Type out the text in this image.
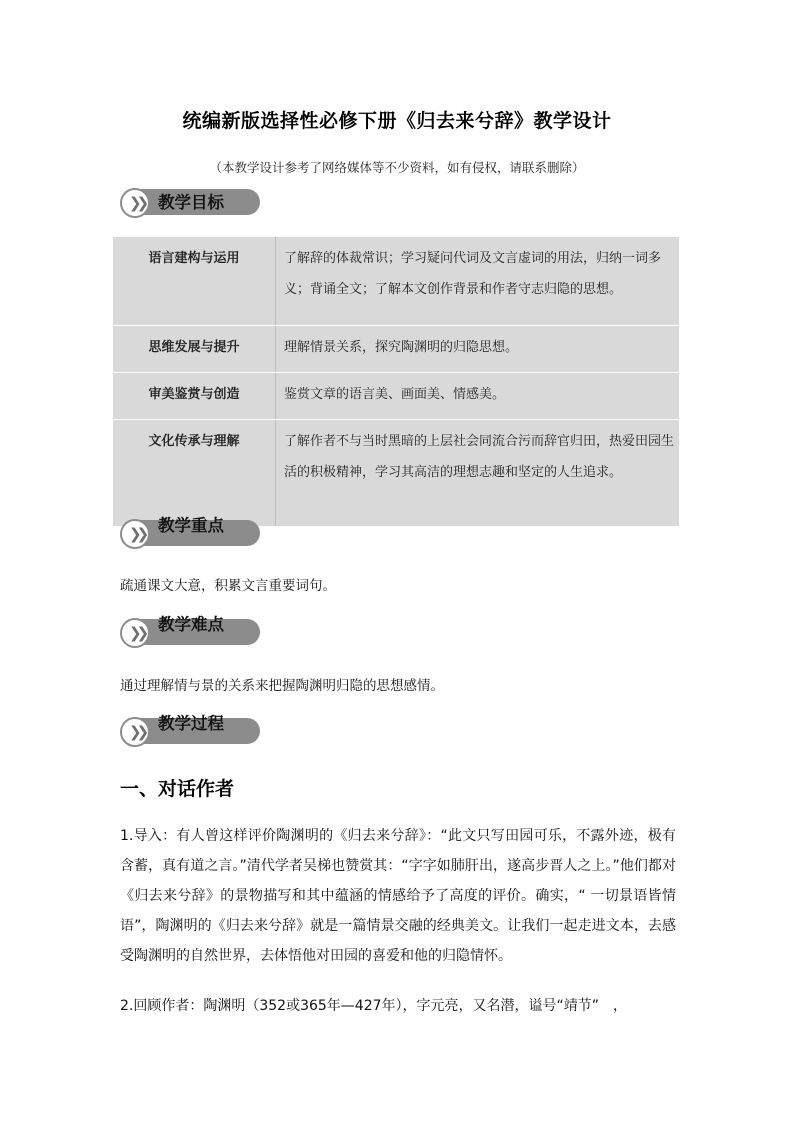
统编新版选择性必修下册《归去来兮辞》教学设计
（本教学设计参考了网络媒体等不少资料，如有侵权，请联系删除）
❯❯ 教学目标
语言建构与运用	了解辞的体裁常识；学习疑问代词及文言虚词的用法，归纳一词多义；背诵全文；了解本文创作背景和作者守志归隐的思想。
思维发展与提升	理解情景关系，探究陶渊明的归隐思想。
审美鉴赏与创造	鉴赏文章的语言美、画面美、情感美。
文化传承与理解	了解作者不与当时黑暗的上层社会同流合污而辞官归田，热爱田园生活的积极精神，学习其高洁的理想志趣和坚定的人生追求。
❯❯ 教学重点
疏通课文大意，积累文言重要词句。
❯❯ 教学难点
通过理解情与景的关系来把握陶渊明归隐的思想感情。
❯❯ 教学过程
一、对话作者
1.导入：有人曾这样评价陶渊明的《归去来兮辞》：“此文只写田园可乐，不露外迹，极有含蓄，真有道之言。”清代学者吴梯也赞赏其：“字字如肺肝出，遂高步晋人之上。”他们都对《归去来兮辞》的景物描写和其中蕴涵的情感给予了高度的评价。确实，“ 一切景语皆情语”，陶渊明的《归去来兮辞》就是一篇情景交融的经典美文。让我们一起走进文本，去感受陶渊明的自然世界，去体悟他对田园的喜爱和他的归隐情怀。
2.回顾作者：陶渊明（352或365年—427年），字元亮，又名潜，谥号“靖节”　，
